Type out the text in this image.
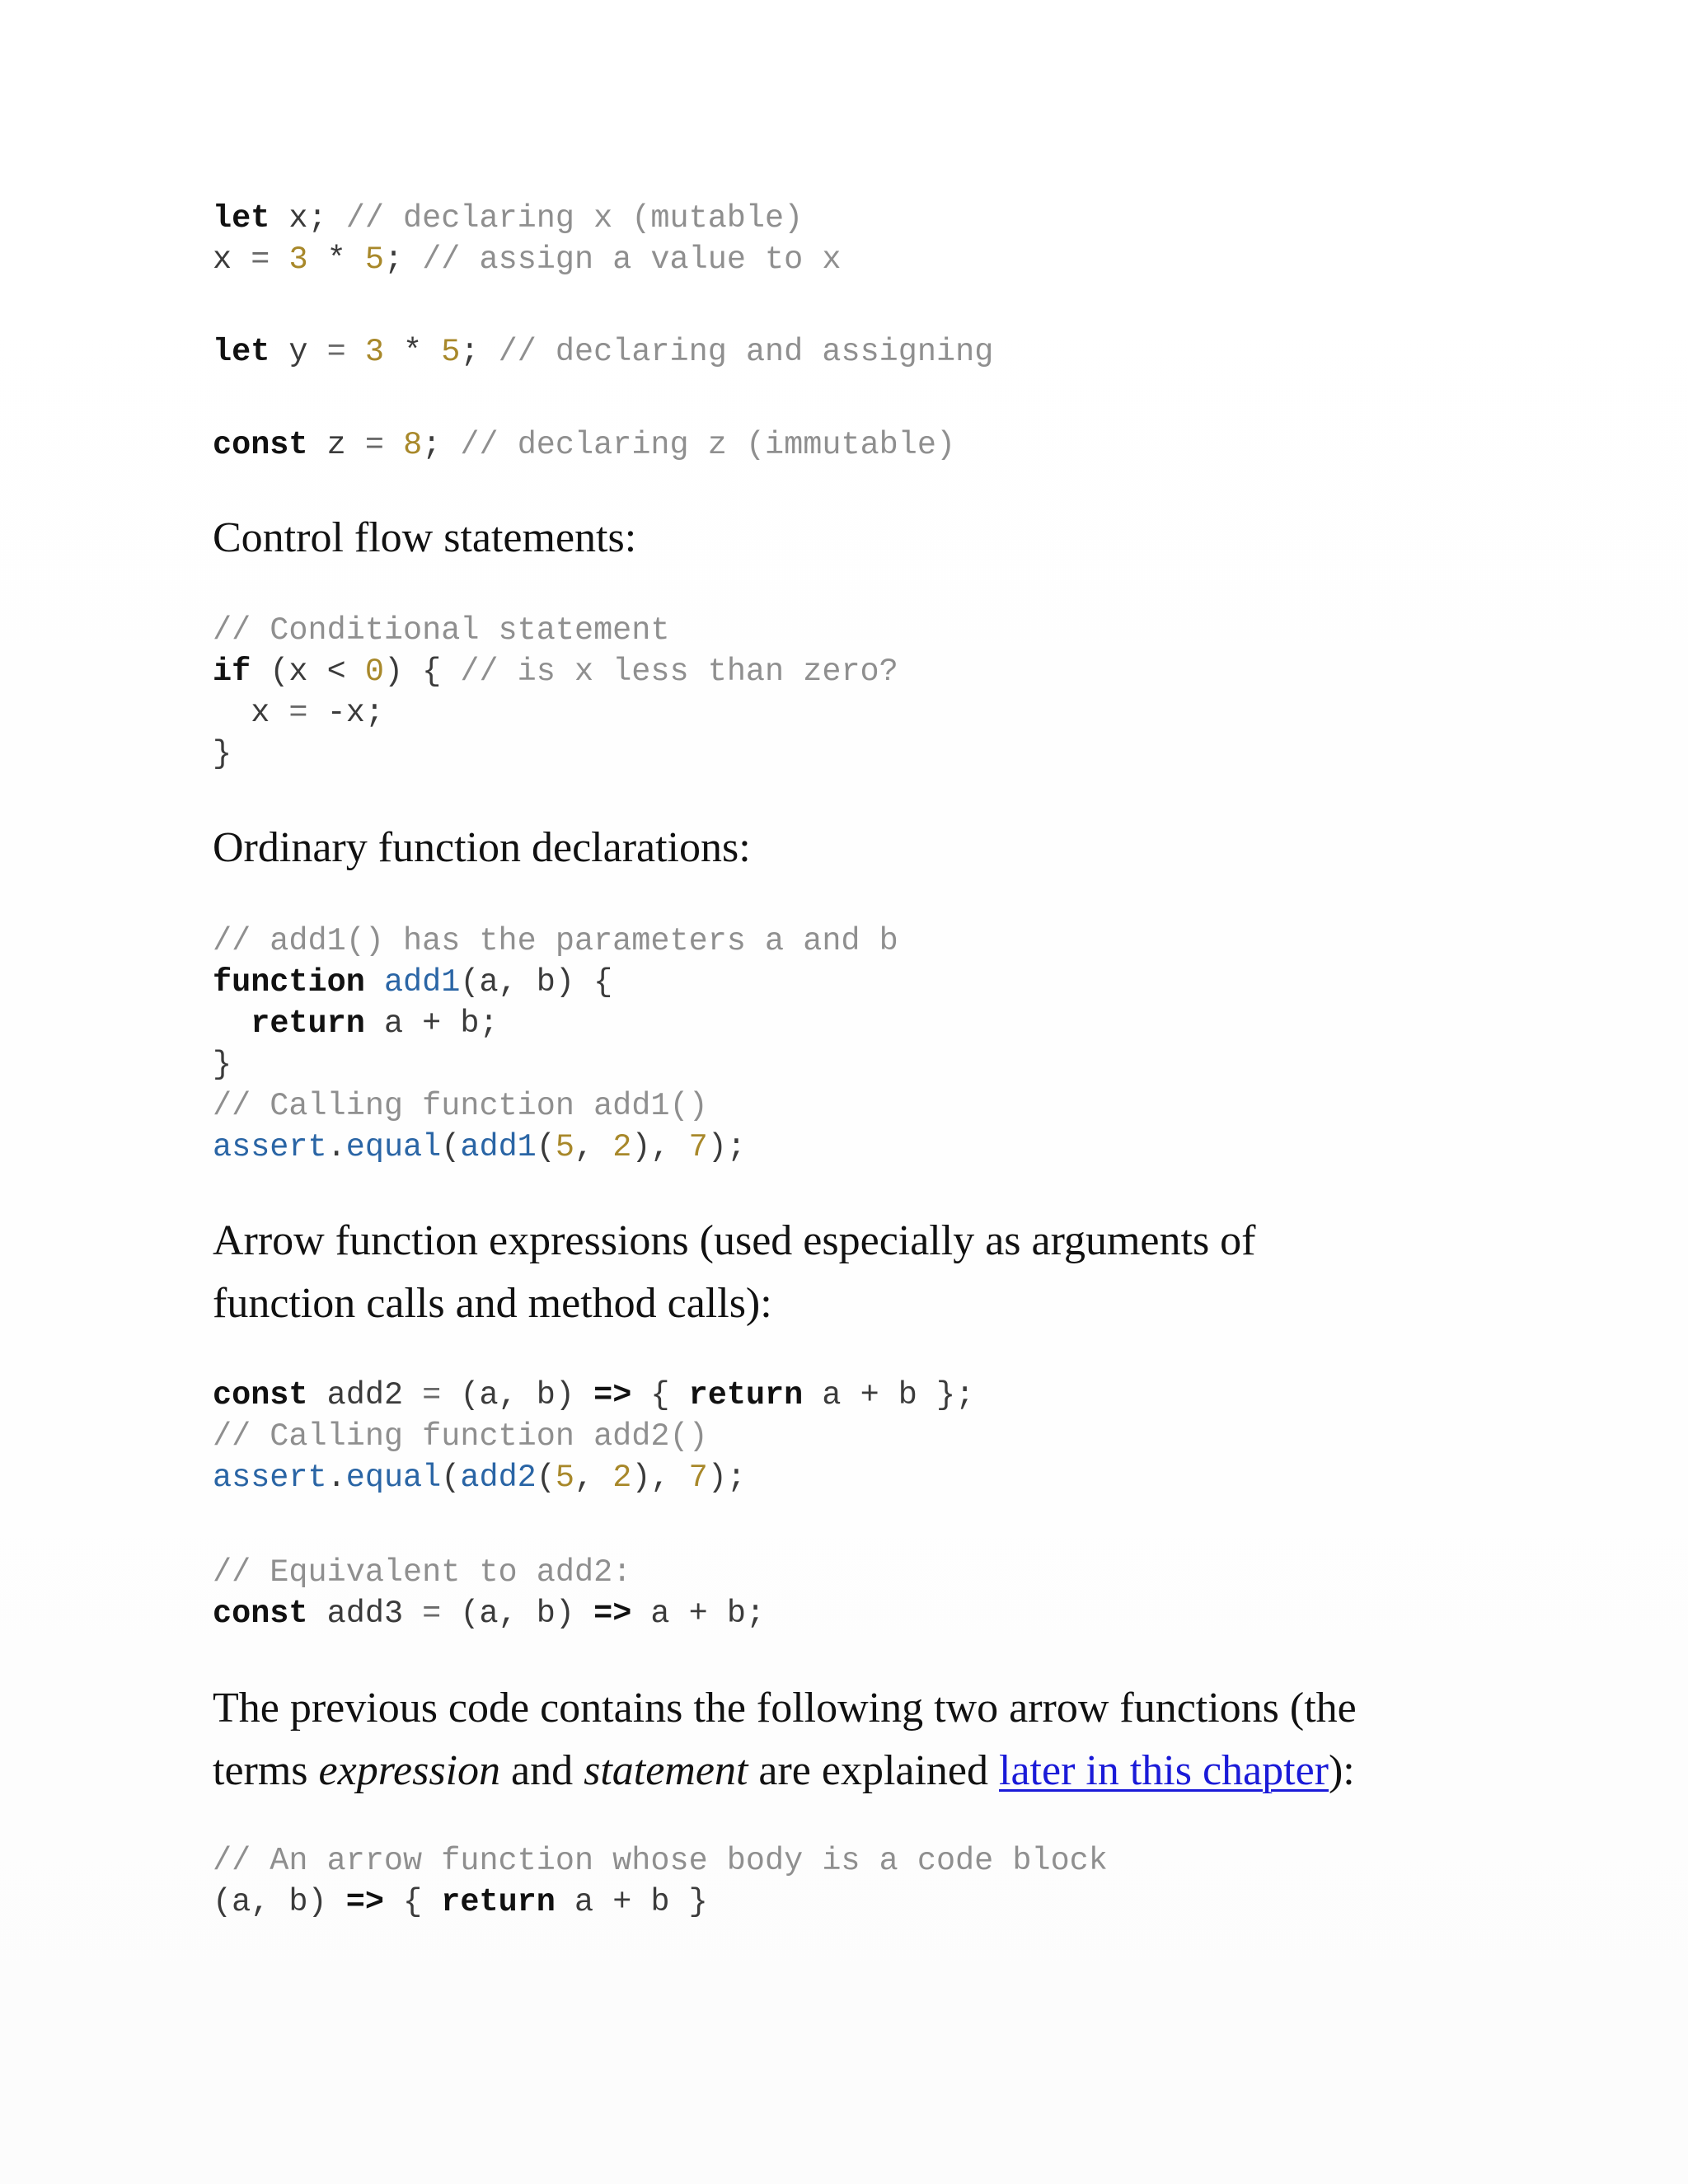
let x; // declaring x (mutable)
x = 3 * 5; // assign a value to x
let y = 3 * 5; // declaring and assigning
const z = 8; // declaring z (immutable)

Control flow statements:

// Conditional statement
if (x < 0) { // is x less than zero?
x = -x;
}

Ordinary function declarations:

// add1() has the parameters a and b
function add1(a, b) {
return a + b;
}
// Calling function add1()
assert.equal(add1(5, 2), 7);

Arrow function expressions (used especially as arguments of

function calls and method calls):

const add2 = (a, b) => { return a + b };
// Calling function add2()
assert.equal(add2(5, 2), 7);
// Equivalent to add2:
const add3 = (a, b) => a + b;

The previous code contains the following two arrow functions (the

terms expression and statement are explained later in this chapter):

// An arrow function whose body is a code block
(a, b) => { return a + b }
